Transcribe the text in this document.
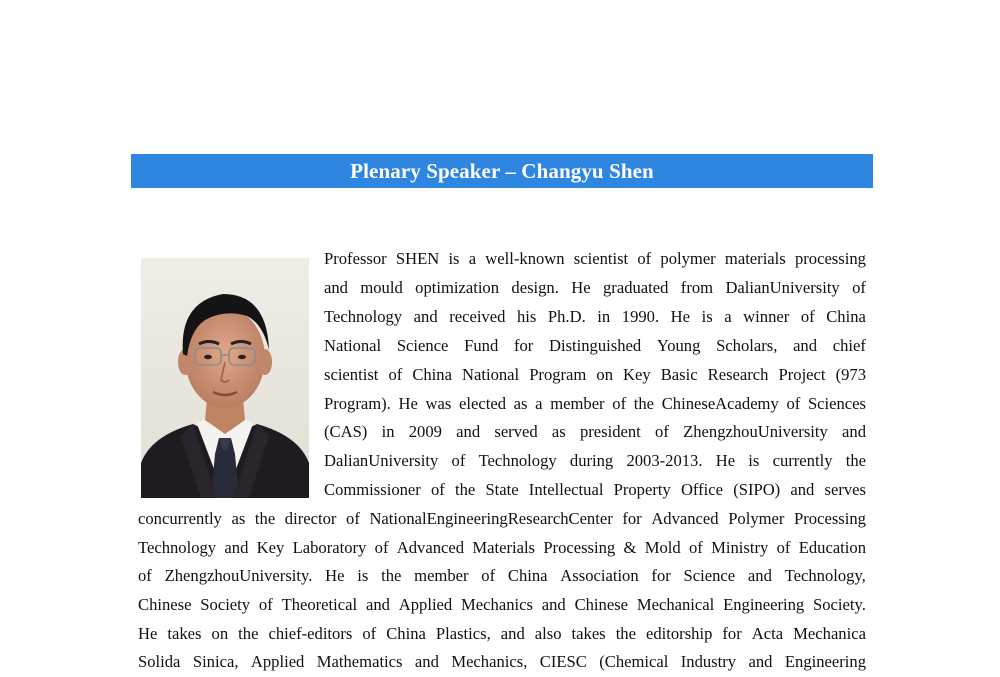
Plenary Speaker – Changyu Shen
Professor SHEN is a well-known scientist of polymer materials processing
and mould optimization design. He graduated from DalianUniversity of
Technology and received his Ph.D. in 1990. He is a winner of China
National Science Fund for Distinguished Young Scholars, and chief
scientist of China National Program on Key Basic Research Project (973
Program). He was elected as a member of the ChineseAcademy of Sciences
(CAS) in 2009 and served as president of ZhengzhouUniversity and
DalianUniversity of Technology during 2003-2013. He is currently the
Commissioner of the State Intellectual Property Office (SIPO) and serves
concurrently as the director of NationalEngineeringResearchCenter for Advanced Polymer Processing
Technology and Key Laboratory of Advanced Materials Processing & Mold of Ministry of Education
of ZhengzhouUniversity. He is the member of China Association for Science and Technology,
Chinese Society of Theoretical and Applied Mechanics and Chinese Mechanical Engineering Society.
He takes on the chief-editors of China Plastics, and also takes the editorship for Acta Mechanica
Solida Sinica, Applied Mathematics and Mechanics, CIESC (Chemical Industry and Engineering
